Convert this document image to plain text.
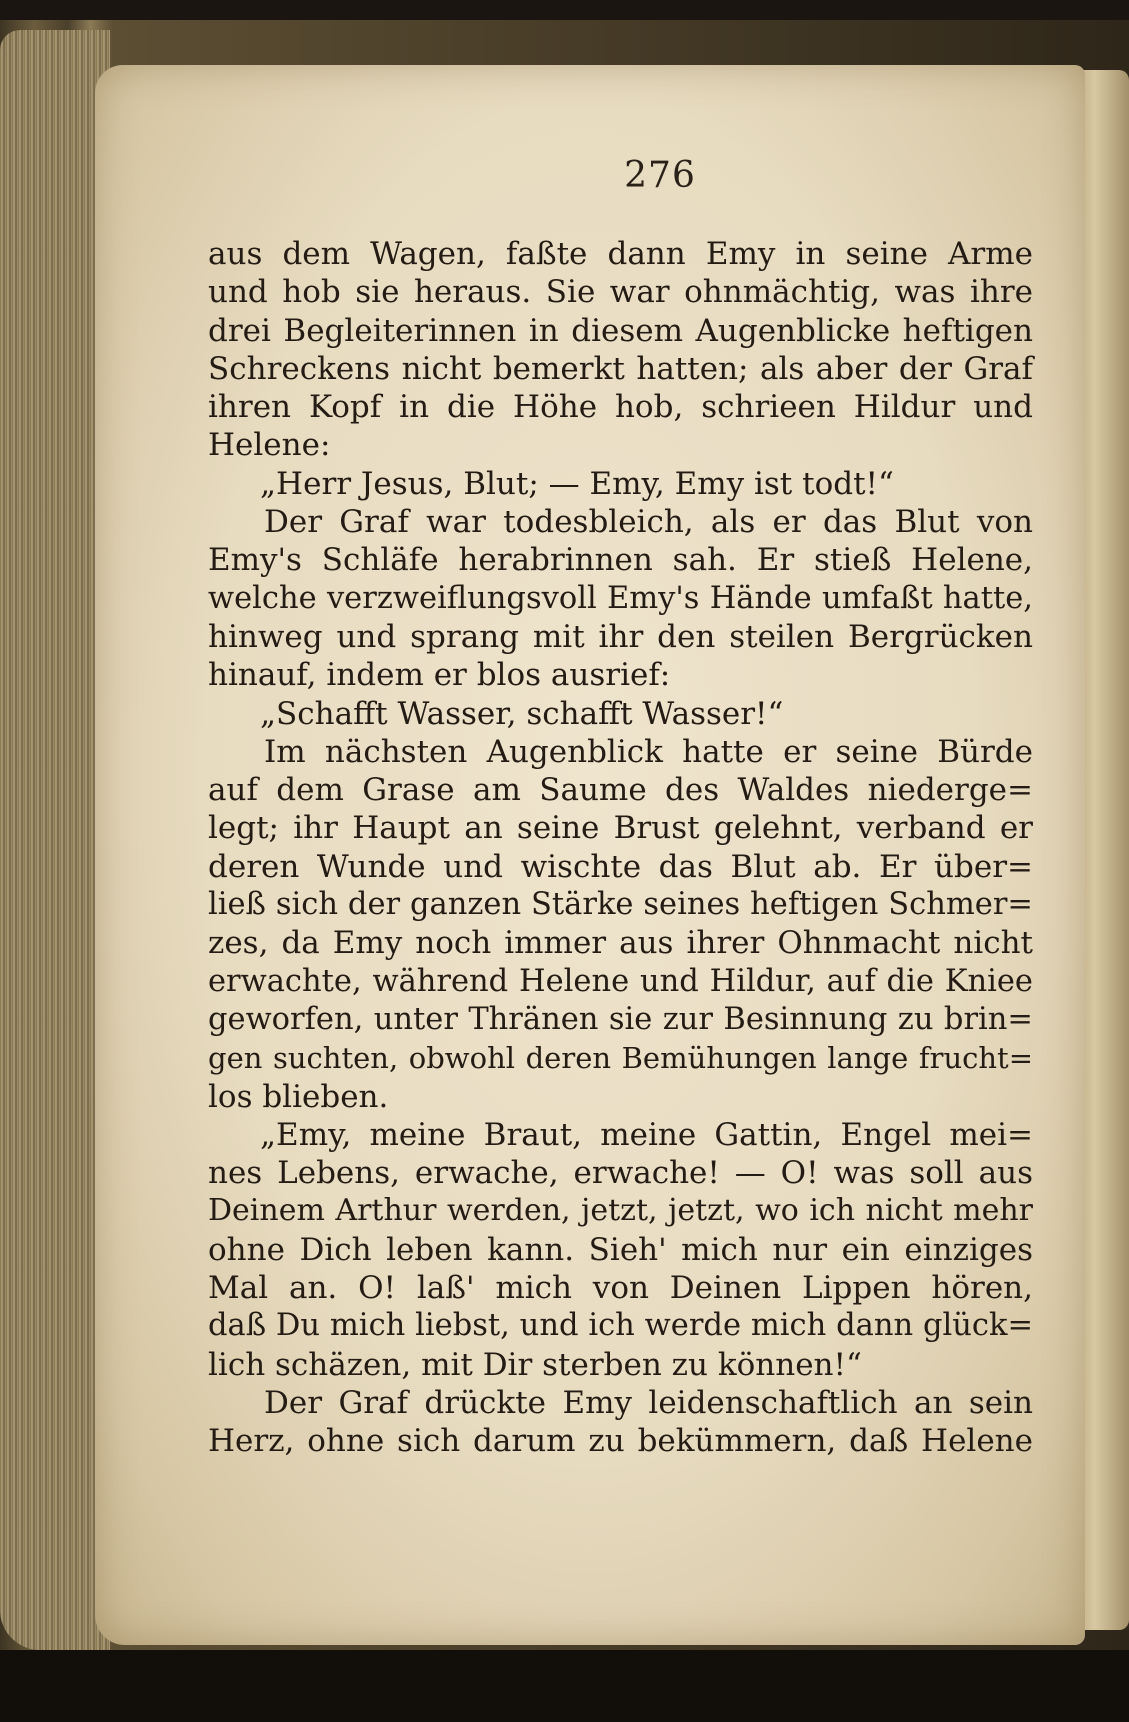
276
aus dem Wagen, faßte dann Emy in seine Arme
und hob sie heraus. Sie war ohnmächtig, was ihre
drei Begleiterinnen in diesem Augenblicke heftigen
Schreckens nicht bemerkt hatten; als aber der Graf
ihren Kopf in die Höhe hob, schrieen Hildur und
Helene:
„Herr Jesus, Blut; — Emy, Emy ist todt!“
Der Graf war todesbleich, als er das Blut von
Emy's Schläfe herabrinnen sah. Er stieß Helene,
welche verzweiflungsvoll Emy's Hände umfaßt hatte,
hinweg und sprang mit ihr den steilen Bergrücken
hinauf, indem er blos ausrief:
„Schafft Wasser, schafft Wasser!“
Im nächsten Augenblick hatte er seine Bürde
auf dem Grase am Saume des Waldes niederge=
legt; ihr Haupt an seine Brust gelehnt, verband er
deren Wunde und wischte das Blut ab. Er über=
ließ sich der ganzen Stärke seines heftigen Schmer=
zes, da Emy noch immer aus ihrer Ohnmacht nicht
erwachte, während Helene und Hildur, auf die Kniee
geworfen, unter Thränen sie zur Besinnung zu brin=
gen suchten, obwohl deren Bemühungen lange frucht=
los blieben.
„Emy, meine Braut, meine Gattin, Engel mei=
nes Lebens, erwache, erwache! — O! was soll aus
Deinem Arthur werden, jetzt, jetzt, wo ich nicht mehr
ohne Dich leben kann. Sieh' mich nur ein einziges
Mal an. O! laß' mich von Deinen Lippen hören,
daß Du mich liebst, und ich werde mich dann glück=
lich schäzen, mit Dir sterben zu können!“
Der Graf drückte Emy leidenschaftlich an sein
Herz, ohne sich darum zu bekümmern, daß Helene
